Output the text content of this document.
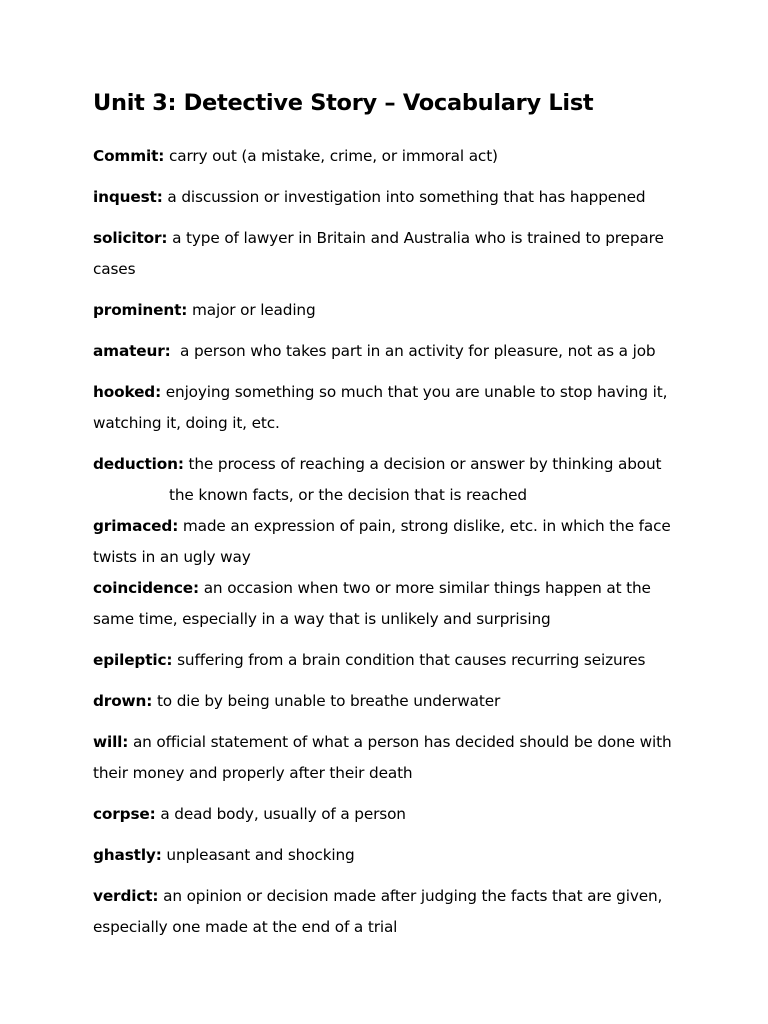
Unit 3: Detective Story – Vocabulary List

Commit: carry out (a mistake, crime, or immoral act)

inquest: a discussion or investigation into something that has happened

solicitor: a type of lawyer in Britain and Australia who is trained to prepare cases

prominent: major or leading

amateur:  a person who takes part in an activity for pleasure, not as a job

hooked: enjoying something so much that you are unable to stop having it, watching it, doing it, etc.

deduction: the process of reaching a decision or answer by thinking about
the known facts, or the decision that is reached

grimaced: made an expression of pain, strong dislike, etc. in which the face twists in an ugly way

coincidence: an occasion when two or more similar things happen at the same time, especially in a way that is unlikely and surprising

epileptic: suffering from a brain condition that causes recurring seizures

drown: to die by being unable to breathe underwater

will: an official statement of what a person has decided should be done with their money and properly after their death

corpse: a dead body, usually of a person

ghastly: unpleasant and shocking

verdict: an opinion or decision made after judging the facts that are given, especially one made at the end of a trial
